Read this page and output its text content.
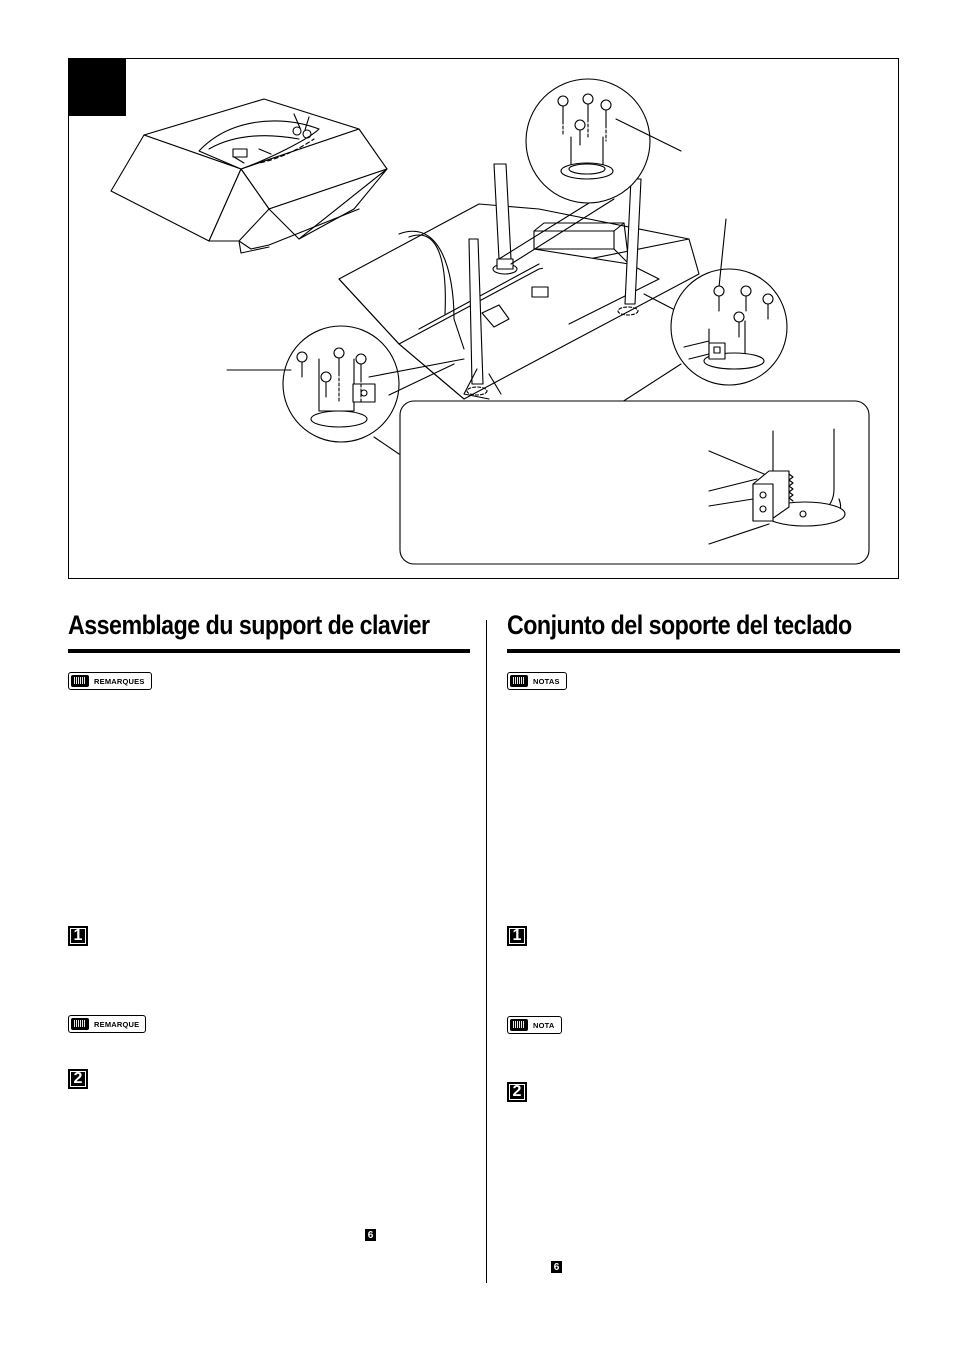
Assemblage du support de clavier
REMARQUES
1
REMARQUE
2
6
Conjunto del soporte del teclado
NOTAS
1
NOTA
2
6
